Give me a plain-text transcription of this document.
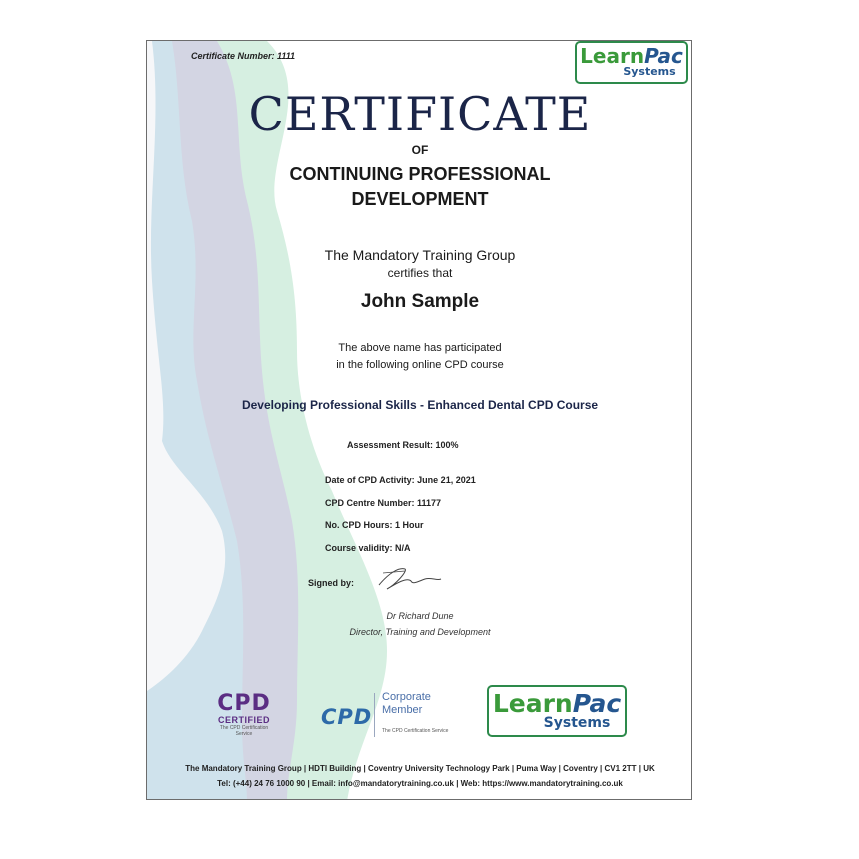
Certificate Number: 1111	LearnPac
Systems
CERTIFICATE
OF
CONTINUING PROFESSIONAL
DEVELOPMENT
The Mandatory Training Group
certifies that
John Sample
The above name has participated
in the following online CPD course
Developing Professional Skills - Enhanced Dental CPD Course
Assessment Result: 100%
Date of CPD Activity: June 21, 2021
CPD Centre Number: 11177
No. CPD Hours: 1 Hour
Course validity: N/A
Signed by:
Dr Richard Dune
Director, Training and Development
CPD
CERTIFIED
The CPD Certification Service
CPD
Corporate
Member
The CPD Certification Service
LearnPac
Systems
The Mandatory Training Group | HDTI Building | Coventry University Technology Park | Puma Way | Coventry | CV1 2TT | UK
Tel: (+44) 24 76 1000 90 | Email: info@mandatorytraining.co.uk | Web: https://www.mandatorytraining.co.uk
